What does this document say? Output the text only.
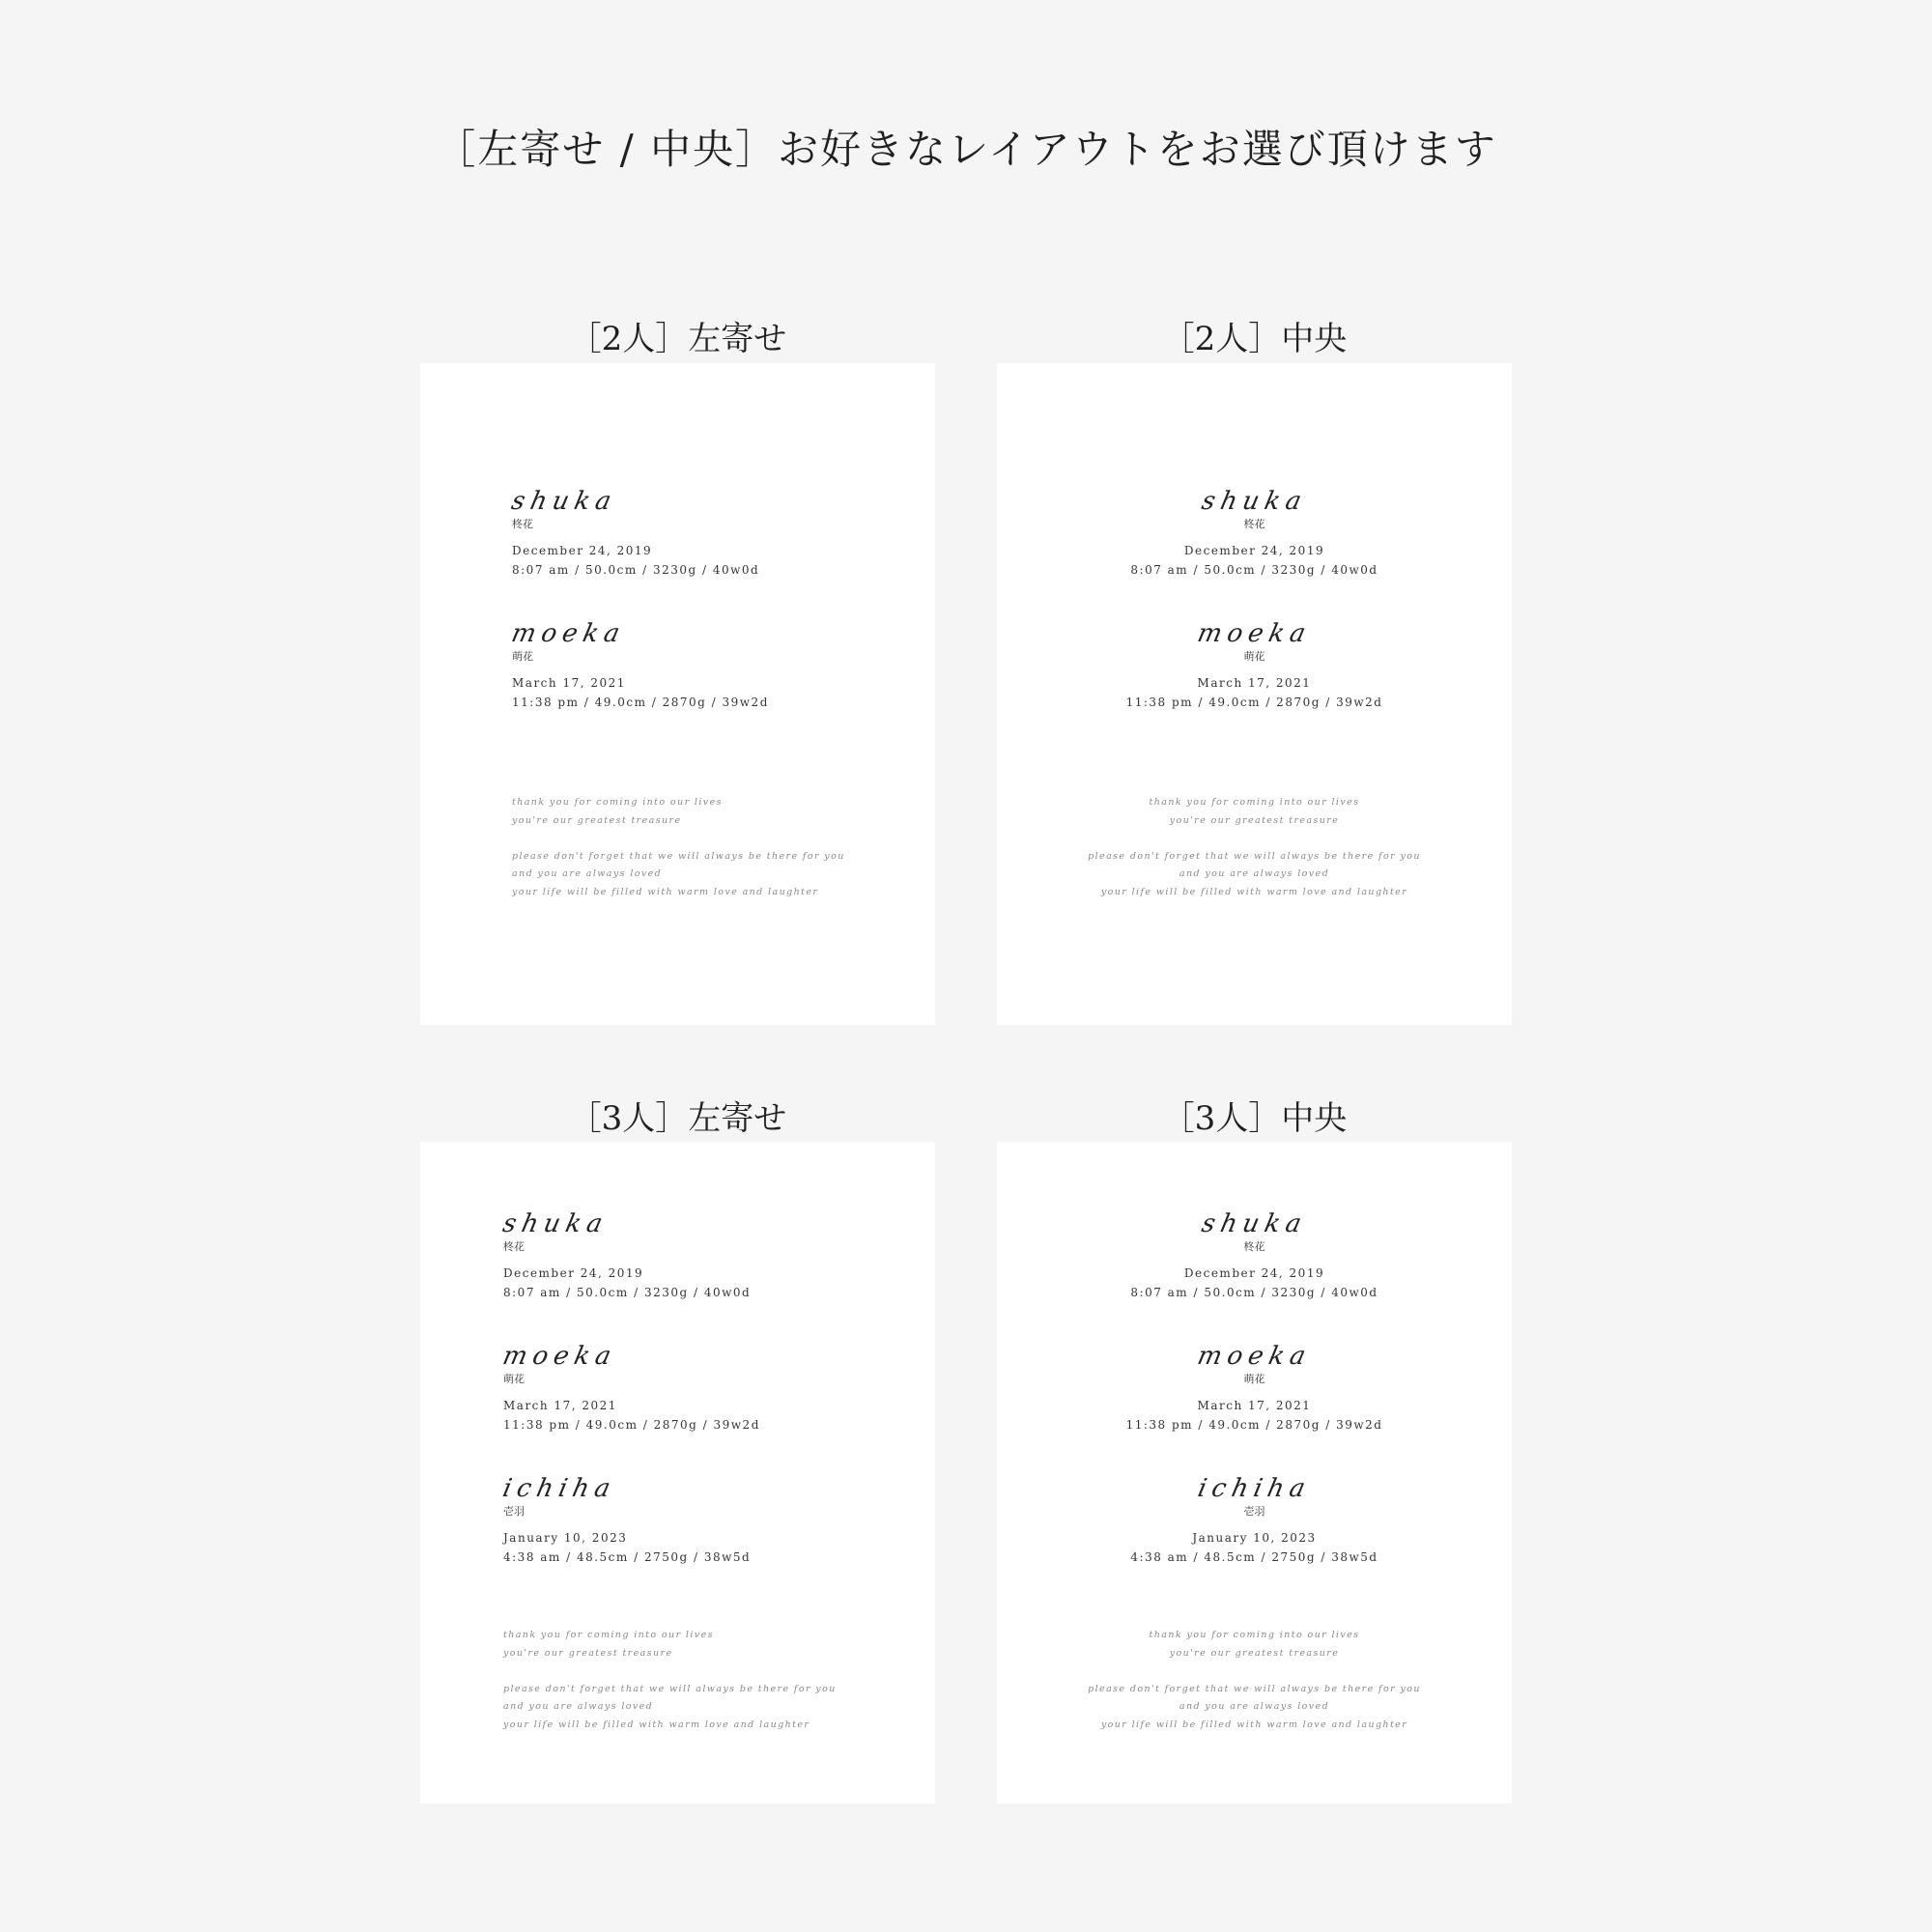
［左寄せ / 中央］お好きなレイアウトをお選び頂けます
［2人］左寄せ
shuka
柊花
December 24, 2019
8:07 am / 50.0cm / 3230g / 40w0d
moeka
萌花
March 17, 2021
11:38 pm / 49.0cm / 2870g / 39w2d
thank you for coming into our lives
you're our greatest treasure
please don't forget that we will always be there for you
and you are always loved
your life will be filled with warm love and laughter
［2人］中央
shuka
柊花
December 24, 2019
8:07 am / 50.0cm / 3230g / 40w0d
moeka
萌花
March 17, 2021
11:38 pm / 49.0cm / 2870g / 39w2d
thank you for coming into our lives
you're our greatest treasure
please don't forget that we will always be there for you
and you are always loved
your life will be filled with warm love and laughter
［3人］左寄せ
shuka
柊花
December 24, 2019
8:07 am / 50.0cm / 3230g / 40w0d
moeka
萌花
March 17, 2021
11:38 pm / 49.0cm / 2870g / 39w2d
ichiha
壱羽
January 10, 2023
4:38 am / 48.5cm / 2750g / 38w5d
thank you for coming into our lives
you're our greatest treasure
please don't forget that we will always be there for you
and you are always loved
your life will be filled with warm love and laughter
［3人］中央
shuka
柊花
December 24, 2019
8:07 am / 50.0cm / 3230g / 40w0d
moeka
萌花
March 17, 2021
11:38 pm / 49.0cm / 2870g / 39w2d
ichiha
壱羽
January 10, 2023
4:38 am / 48.5cm / 2750g / 38w5d
thank you for coming into our lives
you're our greatest treasure
please don't forget that we will always be there for you
and you are always loved
your life will be filled with warm love and laughter
